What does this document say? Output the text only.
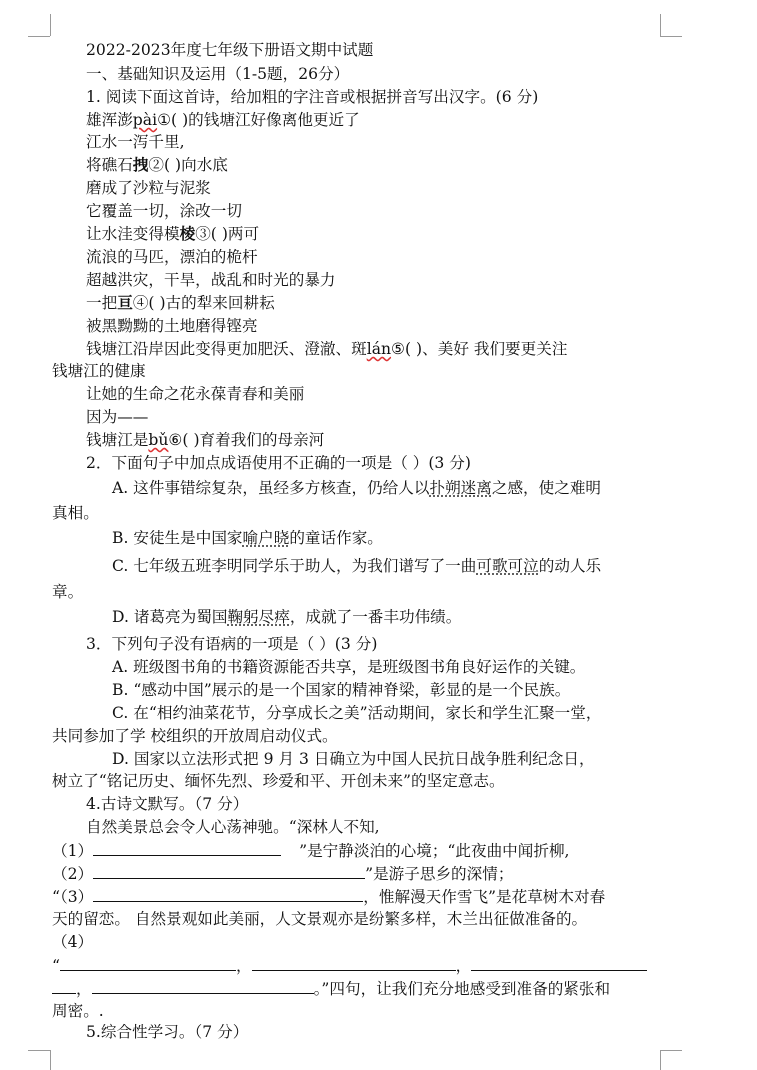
2022-2023年度七年级下册语文期中试题
一、基础知识及运用（1-5题，26分）
1. 阅读下面这首诗，给加粗的字注音或根据拼音写出汉字。(6 分)
雄浑澎pài①( )的钱塘江好像离他更近了
江水一泻千里,
将礁石拽②( )向水底
磨成了沙粒与泥浆
它覆盖一切，涂改一切
让水洼变得模棱③( )两可
流浪的马匹，漂泊的桅杆
超越洪灾，干旱，战乱和时光的暴力
一把亘④( )古的犁来回耕耘
被黑黝黝的土地磨得铿亮
钱塘江沿岸因此变得更加肥沃、澄澈、斑lán⑤( )、美好 我们要更关注
钱塘江的健康
让她的生命之花永葆青春和美丽
因为——
钱塘江是bǔ⑥( )育着我们的母亲河
2．下面句子中加点成语使用不正确的一项是（ ）(3 分)
A. 这件事错综复杂，虽经多方核查，仍给人以扑朔迷离之感，使之难明
真相。
B. 安徒生是中国家喻户晓的童话作家。
C. 七年级五班李明同学乐于助人，为我们谱写了一曲可歌可泣的动人乐
章。
D. 诸葛亮为蜀国鞠躬尽瘁，成就了一番丰功伟绩。
3．下列句子没有语病的一项是（ ）(3 分)
A. 班级图书角的书籍资源能否共享，是班级图书角良好运作的关键。
B. “感动中国”展示的是一个国家的精神脊梁，彰显的是一个民族。
C. 在“相约油菜花节，分享成长之美”活动期间，家长和学生汇聚一堂，
共同参加了学 校组织的开放周启动仪式。
D. 国家以立法形式把 9 月 3 日确立为中国人民抗日战争胜利纪念日，
树立了“铭记历史、缅怀先烈、珍爱和平、开创未来”的坚定意志。
4.古诗文默写。（7 分）
自然美景总会令人心荡神驰。“深林人不知,
（1）	”是宁静淡泊的心境；“此夜曲中闻折柳,
（2）	”是游子思乡的深情；
“（3）	，惟解漫天作雪飞”是花草树木对春
天的留恋。 自然景观如此美丽，人文景观亦是纷繁多样，木兰出征做准备的。
（4）
“	，	，
，	。”四句，让我们充分地感受到准备的紧张和
周密。.
5.综合性学习。（7 分）
